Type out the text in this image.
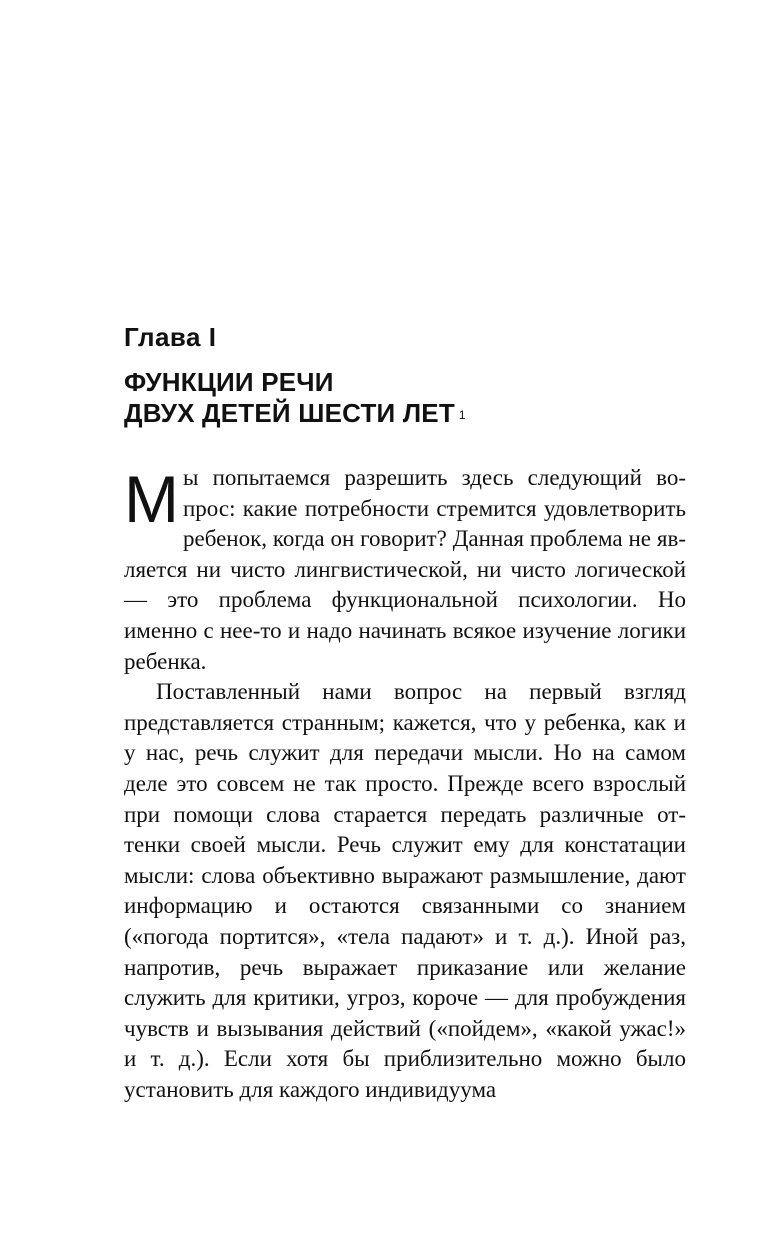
Глава I
ФУНКЦИИ РЕЧИ
ДВУХ ДЕТЕЙ ШЕСТИ ЛЕТ $^1$

Мы попытаемся разрешить здесь следующий вопрос: какие потребности стремится удовлетворить ребенок, когда он говорит? Данная проблема не является ни чисто лингвистической, ни чисто логической — это проблема функциональной психологии. Но именно с нее-то и надо начинать всякое изучение логики ребенка.

Поставленный нами вопрос на первый взгляд представляется странным; кажется, что у ребенка, как и у нас, речь служит для передачи мысли. Но на самом деле это совсем не так просто. Прежде всего взрослый при помощи слова старается передать различные оттенки своей мысли. Речь служит ему для констатации мысли: слова объективно выражают размышление, дают информацию и остаются связанными со знанием («погода портится», «тела падают» и т. д.). Иной раз, напротив, речь выражает приказание или желание служить для критики, угроз, короче — для пробуждения чувств и вызывания действий («пойдем», «какой ужас!» и т. д.). Если хотя бы приблизительно можно было установить для каждого индивидуума
